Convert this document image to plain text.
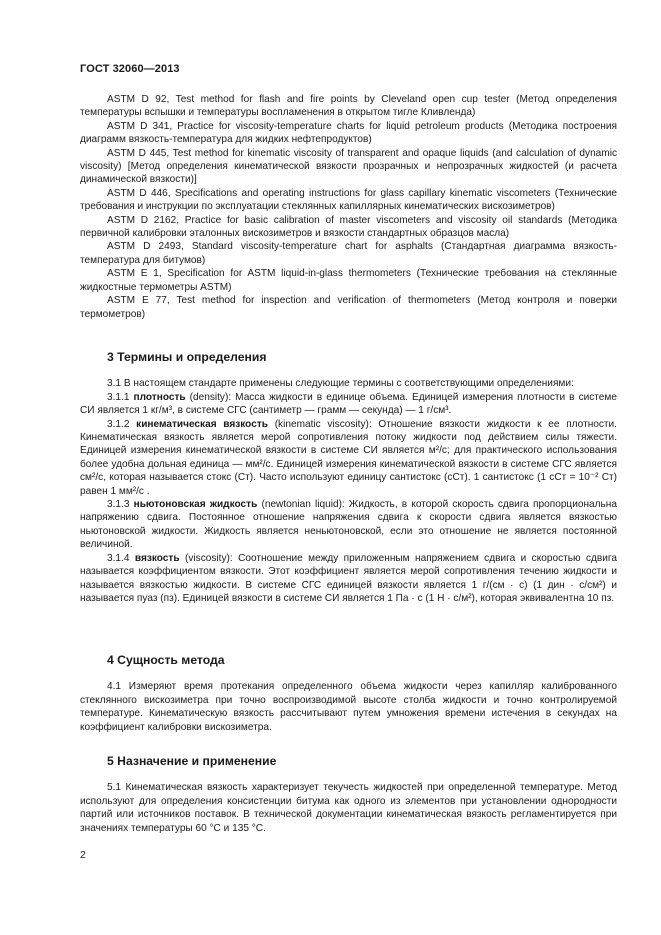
ГОСТ 32060—2013

ASTM D 92, Test method for flash and fire points by Cleveland open cup tester (Метод определения температуры вспышки и температуры воспламенения в открытом тигле Кливленда)

ASTM D 341, Practice for viscosity-temperature charts for liquid petroleum products (Методика построения диаграмм вязкость-температура для жидких нефтепродуктов)

ASTM D 445, Test method for kinematic viscosity of transparent and opaque liquids (and calculation of dynamic viscosity) [Метод определения кинематической вязкости прозрачных и непрозрачных жидкостей (и расчета динамической вязкости)]

ASTM D 446, Specifications and operating instructions for glass capillary kinematic viscometers (Технические требования и инструкции по эксплуатации стеклянных капиллярных кинематических вискозиметров)

ASTM D 2162, Practice for basic calibration of master viscometers and viscosity oil standards (Методика первичной калибровки эталонных вискозиметров и вязкости стандартных образцов масла)

ASTM D 2493, Standard viscosity-temperature chart for asphalts (Стандартная диаграмма вязкость-температура для битумов)

ASTM E 1, Specification for ASTM liquid-in-glass thermometers (Технические требования на стеклянные жидкостные термометры ASTM)

ASTM E 77, Test method for inspection and verification of thermometers (Метод контроля и поверки термометров)

3 Термины и определения

3.1 В настоящем стандарте применены следующие термины с соответствующими определениями:

3.1.1 плотность (density): Масса жидкости в единице объема. Единицей измерения плотности в системе СИ является 1 кг/м³, в системе СГС (сантиметр — грамм — секунда) — 1 г/см³.

3.1.2 кинематическая вязкость (kinematic viscosity): Отношение вязкости жидкости к ее плотности. Кинематическая вязкость является мерой сопротивления потоку жидкости под действием силы тяжести. Единицей измерения кинематической вязкости в системе СИ является м²/с; для практического использования более удобна дольная единица — мм²/с. Единицей измерения кинематической вязкости в системе СГС является см²/с, которая называется стокс (Ст). Часто используют единицу сантистокс (сСт). 1 сантистокс (1 сСт = 10⁻² Ст) равен 1 мм²/с .

3.1.3 ньютоновская жидкость (newtonian liquid): Жидкость, в которой скорость сдвига пропорциональна напряжению сдвига. Постоянное отношение напряжения сдвига к скорости сдвига является вязкостью ньютоновской жидкости. Жидкость является неньютоновской, если это отношение не является постоянной величиной.

3.1.4 вязкость (viscosity): Соотношение между приложенным напряжением сдвига и скоростью сдвига называется коэффициентом вязкости. Этот коэффициент является мерой сопротивления течению жидкости и называется вязкостью жидкости. В системе СГС единицей вязкости является 1 г/(см · с) (1 дин · с/см²) и называется пуаз (пз). Единицей вязкости в системе СИ является 1 Па · с (1 Н · с/м²), которая эквивалентна 10 пз.

4 Сущность метода

4.1 Измеряют время протекания определенного объема жидкости через капилляр калиброванного стеклянного вискозиметра при точно воспроизводимой высоте столба жидкости и точно контролируемой температуре. Кинематическую вязкость рассчитывают путем умножения времени истечения в секундах на коэффициент калибровки вискозиметра.

5 Назначение и применение

5.1 Кинематическая вязкость характеризует текучесть жидкостей при определенной температуре. Метод используют для определения консистенции битума как одного из элементов при установлении однородности партий или источников поставок. В технической документации кинематическая вязкость регламентируется при значениях температуры 60 °С и 135 °С.

2
